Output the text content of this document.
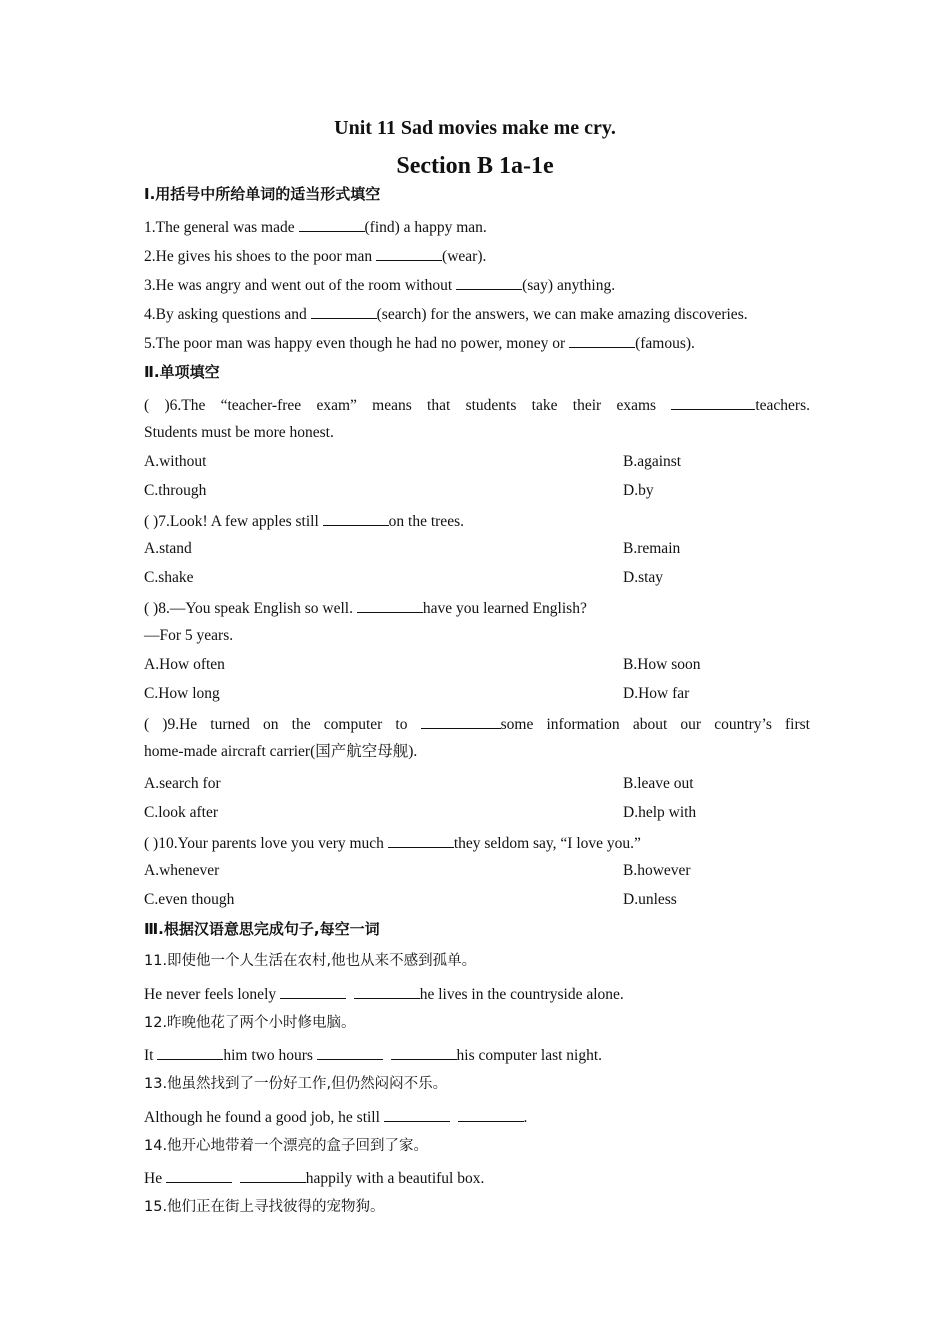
Unit 11 Sad movies make me cry.
Section B 1a-1e
Ⅰ.用括号中所给单词的适当形式填空
1.The general was made	(find) a happy man.
2.He gives his shoes to the poor man	(wear).
3.He was angry and went out of the room without	(say) anything.
4.By asking questions and	(search) for the answers, we can make amazing discoveries.
5.The poor man was happy even though he had no power, money or	(famous).
Ⅱ.单项填空
( )6.The “teacher-free exam” means that students take their exams	teachers.
Students must be more honest.
A.without	B.against
C.through	D.by
( )7.Look! A few apples still	on the trees.
A.stand	B.remain
C.shake	D.stay
( )8.—You speak English so well.	have you learned English?
—For 5 years.
A.How often	B.How soon
C.How long	D.How far
( )9.He turned on the computer to	some information about our country’s first
home-made aircraft carrier(国产航空母舰).
A.search for	B.leave out
C.look after	D.help with
( )10.Your parents love you very much	they seldom say, “I love you.”
A.whenever	B.however
C.even though	D.unless
Ⅲ.根据汉语意思完成句子,每空一词
11.即使他一个人生活在农村,他也从来不感到孤单。
He never feels lonely	he lives in the countryside alone.
12.昨晚他花了两个小时修电脑。
It	him two hours	his computer last night.
13.他虽然找到了一份好工作,但仍然闷闷不乐。
Although he found a good job, he still	.
14.他开心地带着一个漂亮的盒子回到了家。
He	happily with a beautiful box.
15.他们正在街上寻找彼得的宠物狗。
